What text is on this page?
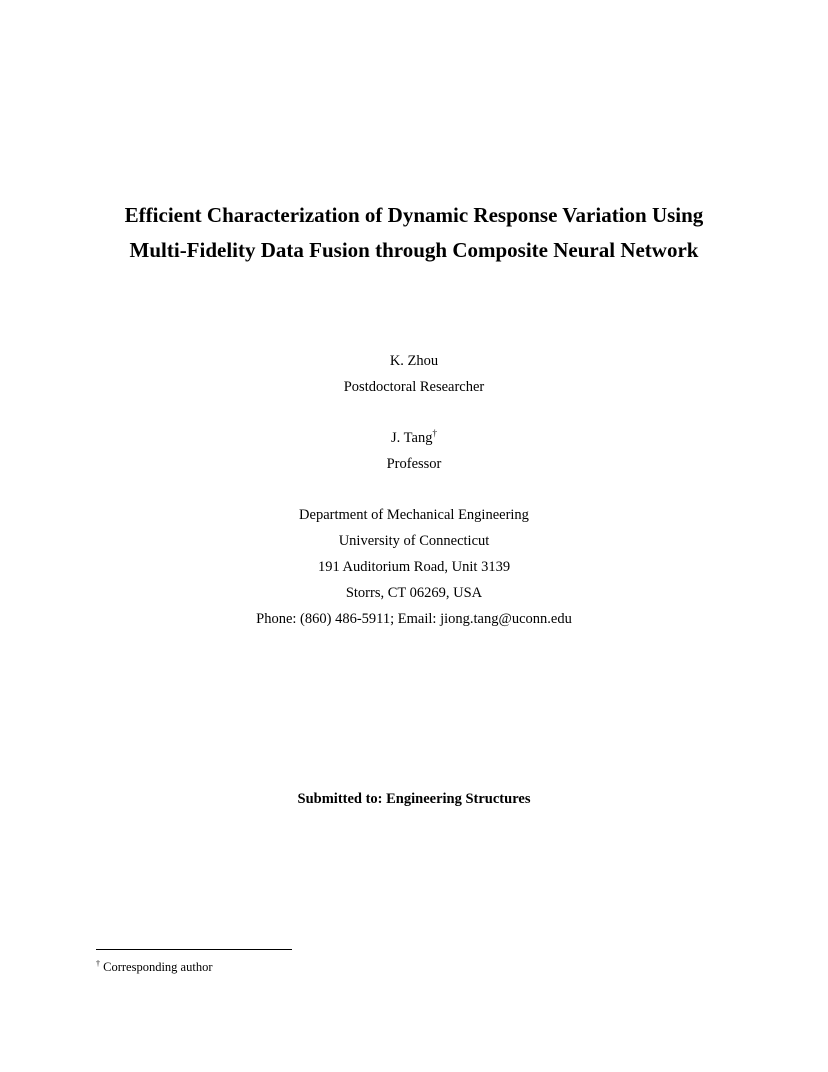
Efficient Characterization of Dynamic Response Variation Using
Multi-Fidelity Data Fusion through Composite Neural Network
K. Zhou
Postdoctoral Researcher
J. Tang†
Professor
Department of Mechanical Engineering
University of Connecticut
191 Auditorium Road, Unit 3139
Storrs, CT 06269, USA
Phone: (860) 486-5911; Email: jiong.tang@uconn.edu
Submitted to: Engineering Structures
† Corresponding author
